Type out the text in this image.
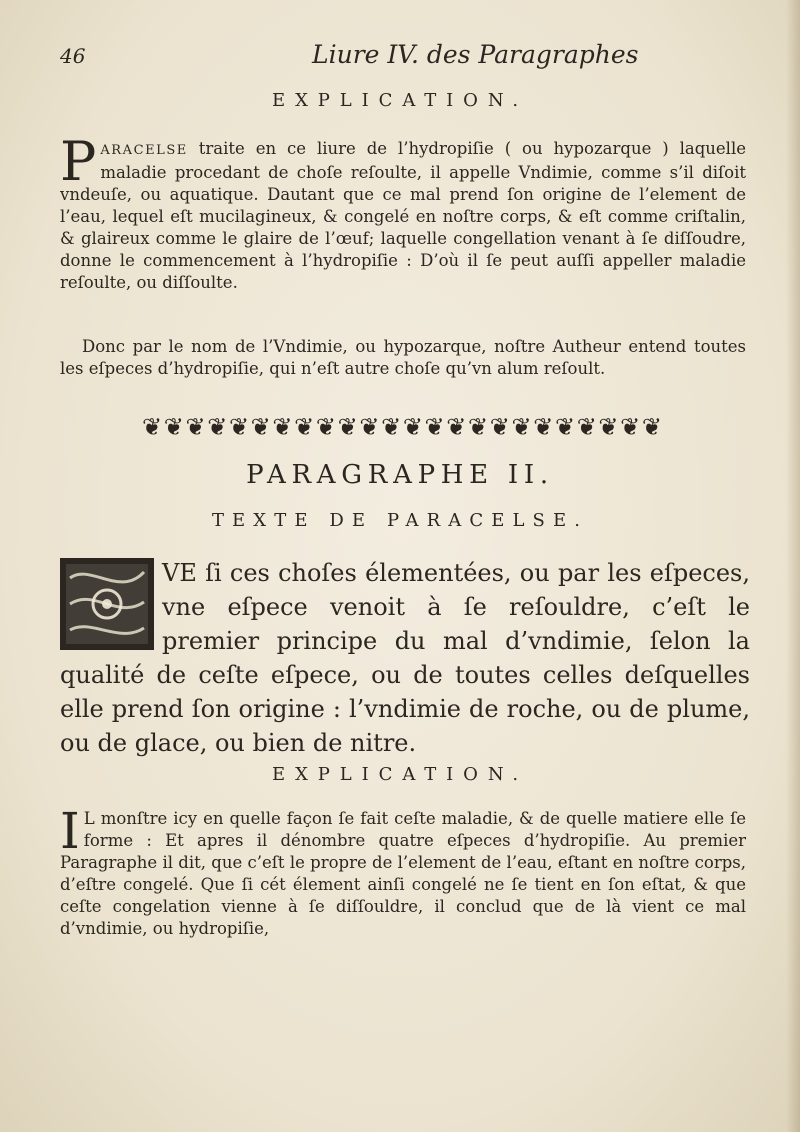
46	Liure IV. des Paragraphes
EXPLICATION.
PARACELSE traite en ce liure de l’hydropiſie ( ou hypozarque ) laquelle maladie procedant de choſe reſoulte, il appelle Vndimie, comme s’il diſoit vndeuſe, ou aquatique. Dautant que ce mal prend ſon origine de l’element de l’eau, lequel eſt mucilagineux, & congelé en noſtre corps, & eſt comme criſtalin, & glaireux comme le glaire de l’œuf; laquelle congellation venant à ſe diſſoudre, donne le commencement à l’hydropiſie : D’où il ſe peut auſſi appeller maladie reſoulte, ou diſſoulte.
Donc par le nom de l’Vndimie, ou hypozarque, noſtre Autheur entend toutes les eſpeces d’hydropiſie, qui n’eſt autre choſe qu’vn alum reſoult.
❦ ❦ ❦ ❦ ❦ ❦ ❦ ❦ ❦ ❦ ❦ ❦ ❦ ❦ ❦ ❦ ❦ ❦ ❦ ❦ ❦ ❦ ❦ ❦
PARAGRAPHE II.
TEXTE DE PARACELSE.
VE ſi ces choſes élementées, ou par les eſpeces, vne eſpece venoit à ſe reſouldre, c’eſt le premier principe du mal d’vndimie, ſelon la qualité de ceſte eſpece, ou de toutes celles deſquelles elle prend ſon origine : l’vndimie de roche, ou de plume, ou de glace, ou bien de nitre.
EXPLICATION.
I L monſtre icy en quelle façon ſe fait ceſte maladie, & de quelle matiere elle ſe forme : Et apres il dénombre quatre eſpeces d’hydropiſie. Au premier Paragraphe il dit, que c’eſt le propre de l’element de l’eau, eſtant en noſtre corps, d’eſtre congelé. Que ſi cét élement ainſi congelé ne ſe tient en ſon eſtat, & que ceſte congelation vienne à ſe diſſouldre, il conclud que de là vient ce mal d’vndimie, ou hydropiſie,
